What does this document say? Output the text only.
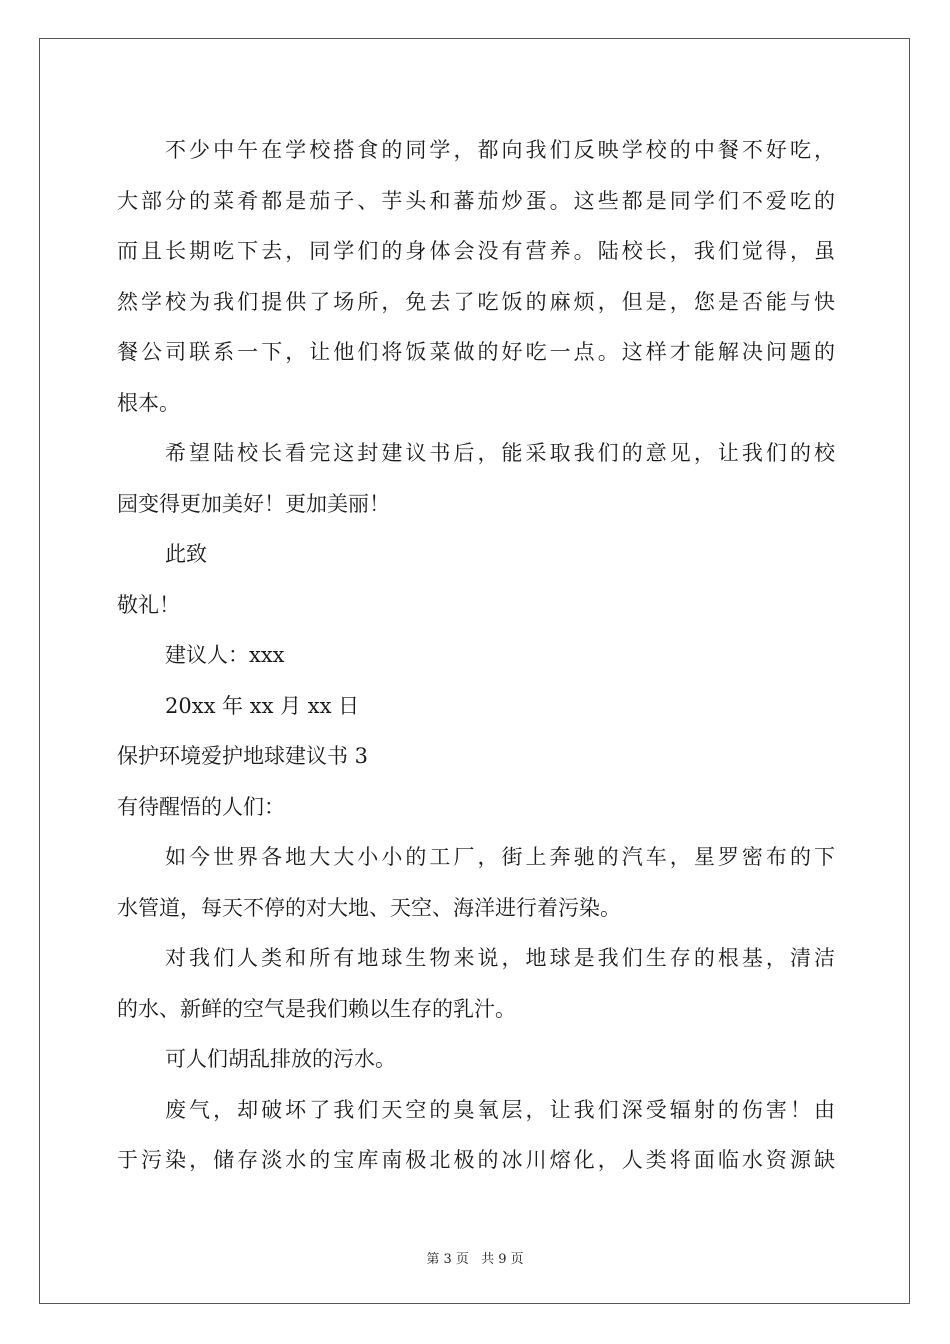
不少中午在学校搭食的同学，都向我们反映学校的中餐不好吃，
大部分的菜肴都是茄子、芋头和蕃茄炒蛋。这些都是同学们不爱吃的
而且长期吃下去，同学们的身体会没有营养。陆校长，我们觉得，虽
然学校为我们提供了场所，免去了吃饭的麻烦，但是，您是否能与快
餐公司联系一下，让他们将饭菜做的好吃一点。这样才能解决问题的
根本。
希望陆校长看完这封建议书后，能采取我们的意见，让我们的校
园变得更加美好！更加美丽！
此致
敬礼！
建议人：xxx
20xx 年 xx 月 xx 日
保护环境爱护地球建议书 3
有待醒悟的人们：
如今世界各地大大小小的工厂，街上奔驰的汽车，星罗密布的下
水管道，每天不停的对大地、天空、海洋进行着污染。
对我们人类和所有地球生物来说，地球是我们生存的根基，清洁
的水、新鲜的空气是我们赖以生存的乳汁。
可人们胡乱排放的污水。
废气，却破坏了我们天空的臭氧层，让我们深受辐射的伤害！由
于污染，储存淡水的宝库南极北极的冰川熔化，人类将面临水资源缺
第 3 页 共 9 页
